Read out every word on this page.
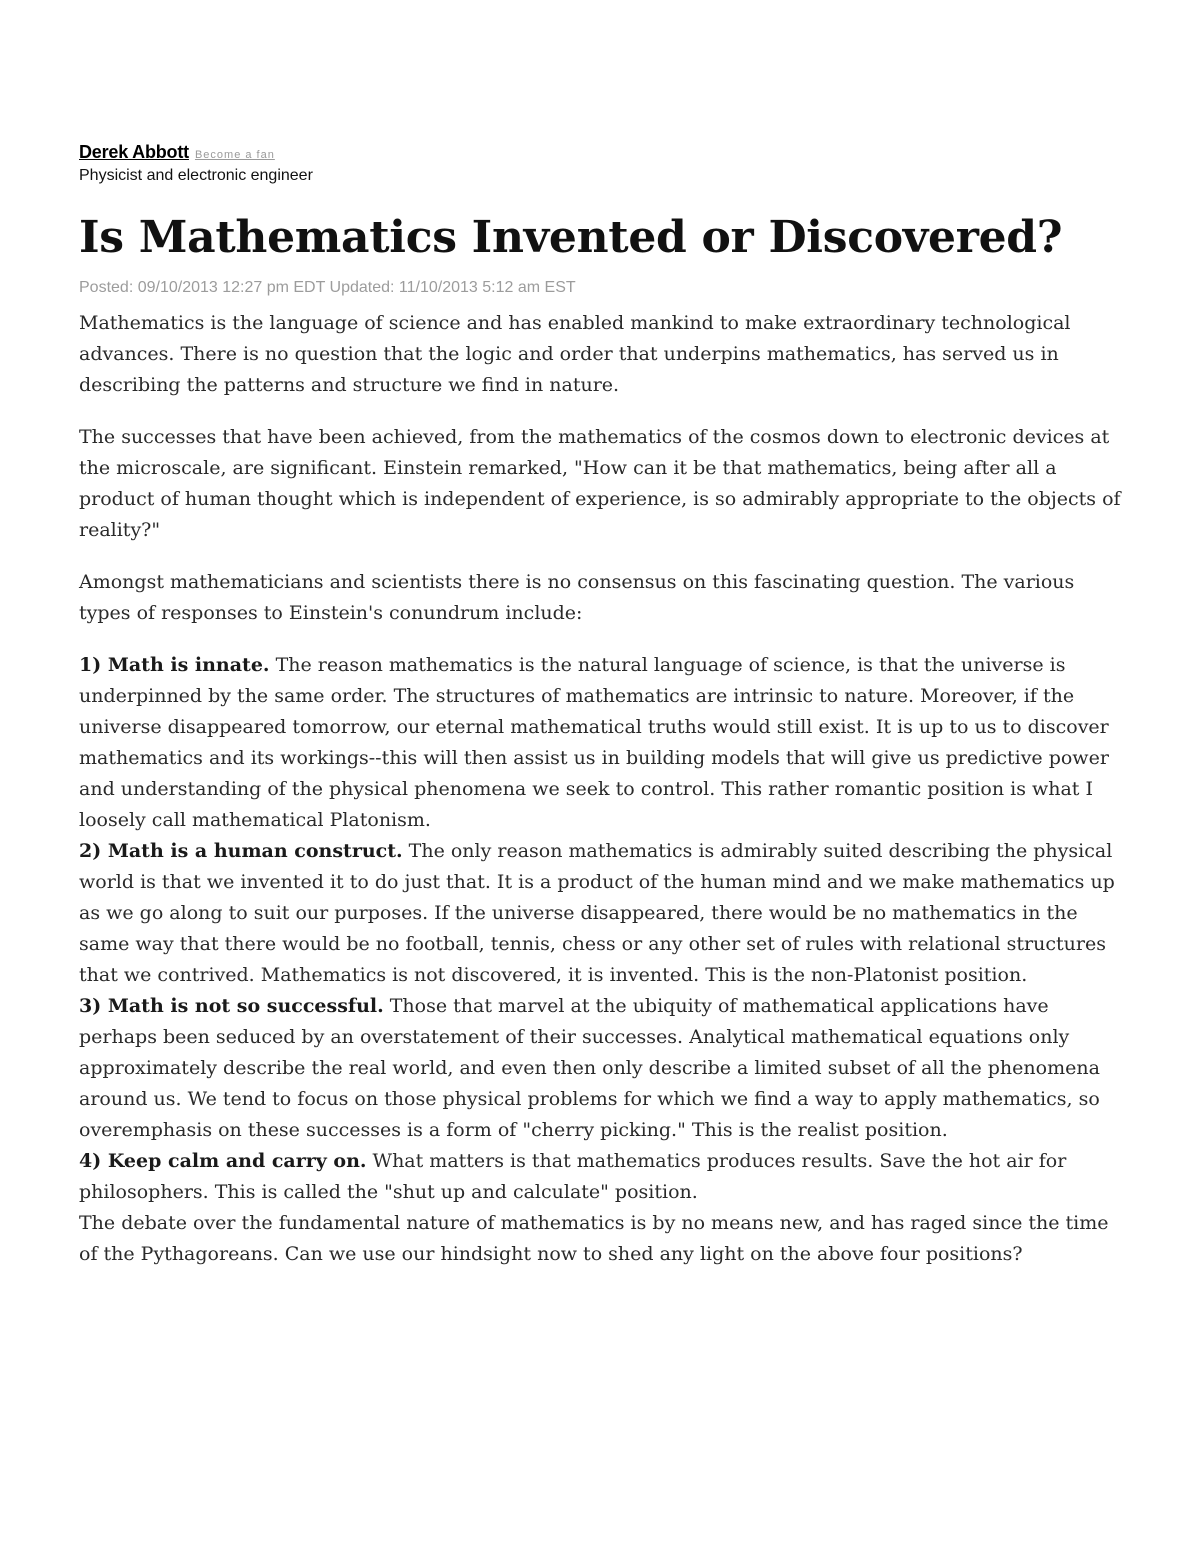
Derek Abbott Become a fan
Physicist and electronic engineer
Is Mathematics Invented or Discovered?
Posted: 09/10/2013 12:27 pm EDT Updated: 11/10/2013 5:12 am EST

Mathematics is the language of science and has enabled mankind to make extraordinary technological advances. There is no question that the logic and order that underpins mathematics, has served us in describing the patterns and structure we find in nature.

The successes that have been achieved, from the mathematics of the cosmos down to electronic devices at the microscale, are significant. Einstein remarked, "How can it be that mathematics, being after all a product of human thought which is independent of experience, is so admirably appropriate to the objects of reality?"

Amongst mathematicians and scientists there is no consensus on this fascinating question. The various types of responses to Einstein's conundrum include:

1) Math is innate. The reason mathematics is the natural language of science, is that the universe is underpinned by the same order. The structures of mathematics are intrinsic to nature. Moreover, if the universe disappeared tomorrow, our eternal mathematical truths would still exist. It is up to us to discover mathematics and its workings--this will then assist us in building models that will give us predictive power and understanding of the physical phenomena we seek to control. This rather romantic position is what I loosely call mathematical Platonism.

2) Math is a human construct. The only reason mathematics is admirably suited describing the physical world is that we invented it to do just that. It is a product of the human mind and we make mathematics up as we go along to suit our purposes. If the universe disappeared, there would be no mathematics in the same way that there would be no football, tennis, chess or any other set of rules with relational structures that we contrived. Mathematics is not discovered, it is invented. This is the non-Platonist position.

3) Math is not so successful. Those that marvel at the ubiquity of mathematical applications have perhaps been seduced by an overstatement of their successes. Analytical mathematical equations only approximately describe the real world, and even then only describe a limited subset of all the phenomena around us. We tend to focus on those physical problems for which we find a way to apply mathematics, so overemphasis on these successes is a form of "cherry picking." This is the realist position.

4) Keep calm and carry on. What matters is that mathematics produces results. Save the hot air for philosophers. This is called the "shut up and calculate" position.

The debate over the fundamental nature of mathematics is by no means new, and has raged since the time of the Pythagoreans. Can we use our hindsight now to shed any light on the above four positions?
